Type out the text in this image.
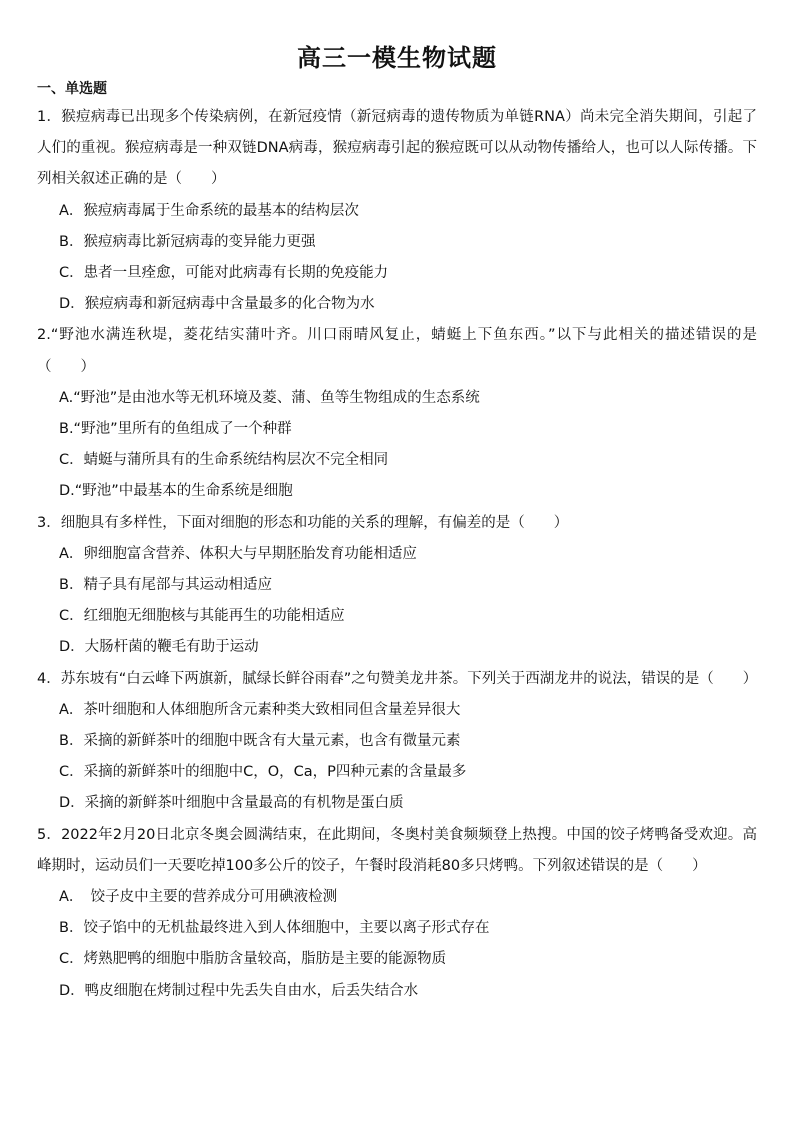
高三一模生物试题
一、单选题

1．猴痘病毒已出现多个传染病例，在新冠疫情（新冠病毒的遗传物质为单链RNA）尚未完全消失期间，引起了人们的重视。猴痘病毒是一种双链DNA病毒，猴痘病毒引起的猴痘既可以从动物传播给人，也可以人际传播。下列相关叙述正确的是（　　）

A．猴痘病毒属于生命系统的最基本的结构层次

B．猴痘病毒比新冠病毒的变异能力更强

C．患者一旦痊愈，可能对此病毒有长期的免疫能力

D．猴痘病毒和新冠病毒中含量最多的化合物为水

2.“野池水满连秋堤，菱花结实蒲叶齐。川口雨晴风复止，蜻蜓上下鱼东西。”以下与此相关的描述错误的是（　　）

A.“野池”是由池水等无机环境及菱、蒲、鱼等生物组成的生态系统

B.“野池”里所有的鱼组成了一个种群

C．蜻蜓与蒲所具有的生命系统结构层次不完全相同

D.“野池”中最基本的生命系统是细胞

3．细胞具有多样性，下面对细胞的形态和功能的关系的理解，有偏差的是（　　）

A．卵细胞富含营养、体积大与早期胚胎发育功能相适应

B．精子具有尾部与其运动相适应

C．红细胞无细胞核与其能再生的功能相适应

D．大肠杆菌的鞭毛有助于运动

4．苏东坡有“白云峰下两旗新，腻绿长鲜谷雨春”之句赞美龙井茶。下列关于西湖龙井的说法，错误的是（　　）

A．茶叶细胞和人体细胞所含元素种类大致相同但含量差异很大

B．采摘的新鲜茶叶的细胞中既含有大量元素，也含有微量元素

C．采摘的新鲜茶叶的细胞中C，O，Ca，P四种元素的含量最多

D．采摘的新鲜茶叶细胞中含量最高的有机物是蛋白质

5．2022年2月20日北京冬奥会圆满结束，在此期间，冬奥村美食频频登上热搜。中国的饺子烤鸭备受欢迎。高峰期时，运动员们一天要吃掉100多公斤的饺子，午餐时段消耗80多只烤鸭。下列叙述错误的是（　　）

A．　饺子皮中主要的营养成分可用碘液检测

B．饺子馅中的无机盐最终进入到人体细胞中，主要以离子形式存在

C．烤熟肥鸭的细胞中脂肪含量较高，脂肪是主要的能源物质

D．鸭皮细胞在烤制过程中先丢失自由水，后丢失结合水
